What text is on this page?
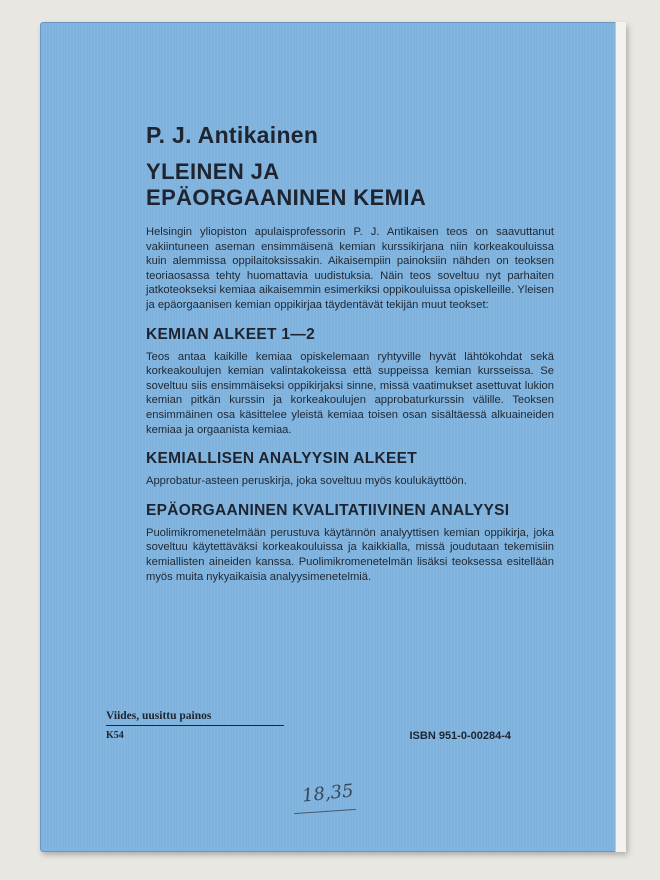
P. J. Antikainen
YLEINEN JA
EPÄORGAANINEN KEMIA

Helsingin yliopiston apulaisprofessorin P. J. Antikaisen teos on saavuttanut vakiintuneen aseman ensimmäisenä kemian kurssikirjana niin korkeakouluissa kuin alemmissa oppilaitoksissakin. Aikaisempiin painoksiin nähden on teoksen teoriaosassa tehty huomattavia uudistuksia. Näin teos soveltuu nyt parhaiten jatkoteokseksi kemiaa aikaisemmin esimerkiksi oppikouluissa opiskelleille. Yleisen ja epäorgaanisen kemian oppikirjaa täydentävät tekijän muut teokset:

KEMIAN ALKEET 1—2

Teos antaa kaikille kemiaa opiskelemaan ryhtyville hyvät lähtökohdat sekä korkeakoulujen kemian valintakokeissa että suppeissa kemian kursseissa. Se soveltuu siis ensimmäiseksi oppikirjaksi sinne, missä vaatimukset asettuvat lukion kemian pitkän kurssin ja korkeakoulujen approbaturkurssin välille. Teoksen ensimmäinen osa käsittelee yleistä kemiaa toisen osan sisältäessä alkuaineiden kemiaa ja orgaanista kemiaa.

KEMIALLISEN ANALYYSIN ALKEET

Approbatur-asteen peruskirja, joka soveltuu myös koulukäyttöön.

EPÄORGAANINEN KVALITATIIVINEN ANALYYSI

Puolimikromenetelmään perustuva käytännön analyyttisen kemian oppikirja, joka soveltuu käytettäväksi korkeakouluissa ja kaikkialla, missä joudutaan tekemisiin kemiallisten aineiden kanssa. Puolimikromenetelmän lisäksi teoksessa esitellään myös muita nykyaikaisia analyysimenetelmiä.

Viides, uusittu painos
K54	ISBN 951-0-00284-4
18,35
